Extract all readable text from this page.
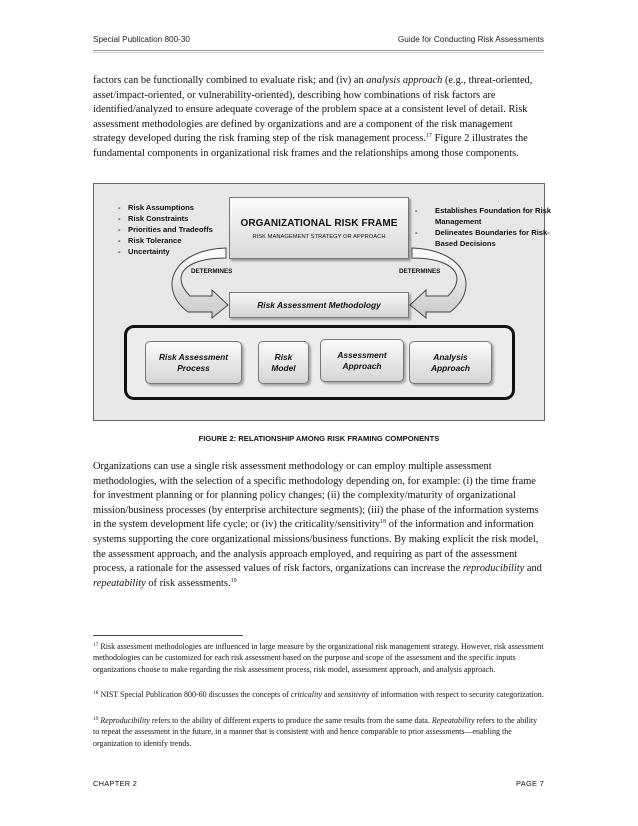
Special Publication 800-30	Guide for Conducting Risk Assessments

factors can be functionally combined to evaluate risk; and (iv) an analysis approach (e.g., threat-oriented, asset/impact-oriented, or vulnerability-oriented), describing how combinations of risk factors are identified/analyzed to ensure adequate coverage of the problem space at a consistent level of detail. Risk assessment methodologies are defined by organizations and are a component of the risk management strategy developed during the risk framing step of the risk management process.$^{17}$ Figure 2 illustrates the fundamental components in organizational risk frames and the relationships among those components.

- Risk Assumptions
- Risk Constraints
- Priorities and Tradeoffs
- Risk Tolerance
- Uncertainty
- Establishes Foundation for Risk Management
- Delineates Boundaries for Risk-Based Decisions
ORGANIZATIONAL RISK FRAME
RISK MANAGEMENT STRATEGY OR APPROACH
DETERMINES	DETERMINES
Risk Assessment Methodology
Risk Assessment
Process
Risk
Model
Assessment
Approach
Analysis
Approach
FIGURE 2: RELATIONSHIP AMONG RISK FRAMING COMPONENTS

Organizations can use a single risk assessment methodology or can employ multiple assessment methodologies, with the selection of a specific methodology depending on, for example: (i) the time frame for investment planning or for planning policy changes; (ii) the complexity/maturity of organizational mission/business processes (by enterprise architecture segments); (iii) the phase of the information systems in the system development life cycle; or (iv) the criticality/sensitivity$^{18}$ of the information and information systems supporting the core organizational missions/business functions. By making explicit the risk model, the assessment approach, and the analysis approach employed, and requiring as part of the assessment process, a rationale for the assessed values of risk factors, organizations can increase the reproducibility and repeatability of risk assessments.$^{19}$

$^{17}$ Risk assessment methodologies are influenced in large measure by the organizational risk management strategy. However, risk assessment methodologies can be customized for each risk assessment based on the purpose and scope of the assessment and the specific inputs organizations choose to make regarding the risk assessment process, risk model, assessment approach, and analysis approach.

$^{18}$ NIST Special Publication 800-60 discusses the concepts of criticality and sensitivity of information with respect to security categorization.

$^{19}$ Reproducibility refers to the ability of different experts to produce the same results from the same data. Repeatability refers to the ability to repeat the assessment in the future, in a manner that is consistent with and hence comparable to prior assessments—enabling the organization to identify trends.

CHAPTER 2	PAGE 7
